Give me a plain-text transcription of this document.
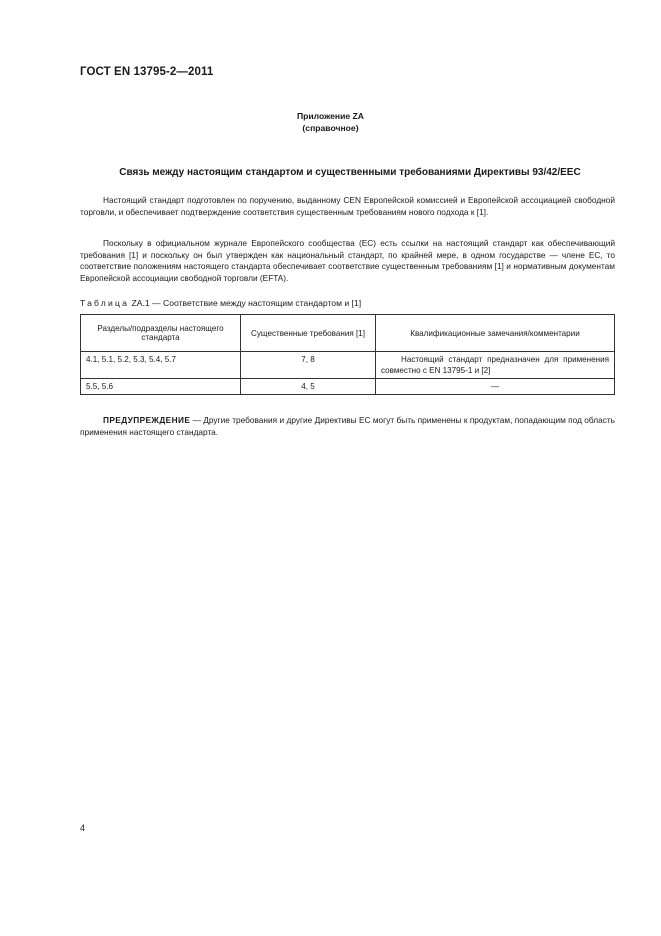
ГОСТ EN 13795-2—2011
Приложение ZA
(справочное)
Связь между настоящим стандартом и существенными требованиями Директивы 93/42/EEC

Настоящий стандарт подготовлен по поручению, выданному CEN Европейской комиссией и Европейской ассоциацией свободной торговли, и обеспечивает подтверждение соответствия существенным требованиям нового подхода к [1].

Поскольку в официальном журнале Европейского сообщества (ЕС) есть ссылки на настоящий стандарт как обеспечивающий требования [1] и поскольку он был утвержден как национальный стандарт, по крайней мере, в одном государстве — члене ЕС, то соответствие положениям настоящего стандарта обеспечивает соответствие существенным требованиям [1] и нормативным документам Европейской ассоциации свободной торговли (EFTA).

Таблица ZA.1 — Соответствие между настоящим стандартом и [1]
Разделы/подразделы настоящего стандарта	Существенные требования [1]	Квалификационные замечания/комментарии
4.1, 5.1, 5.2, 5.3, 5.4, 5.7	7, 8	Настоящий стандарт предназначен для применения совместно с EN 13795-1 и [2]
5.5, 5.6	4, 5	—

ПРЕДУПРЕЖДЕНИЕ — Другие требования и другие Директивы ЕС могут быть применены к продуктам, попадающим под область применения настоящего стандарта.

4
